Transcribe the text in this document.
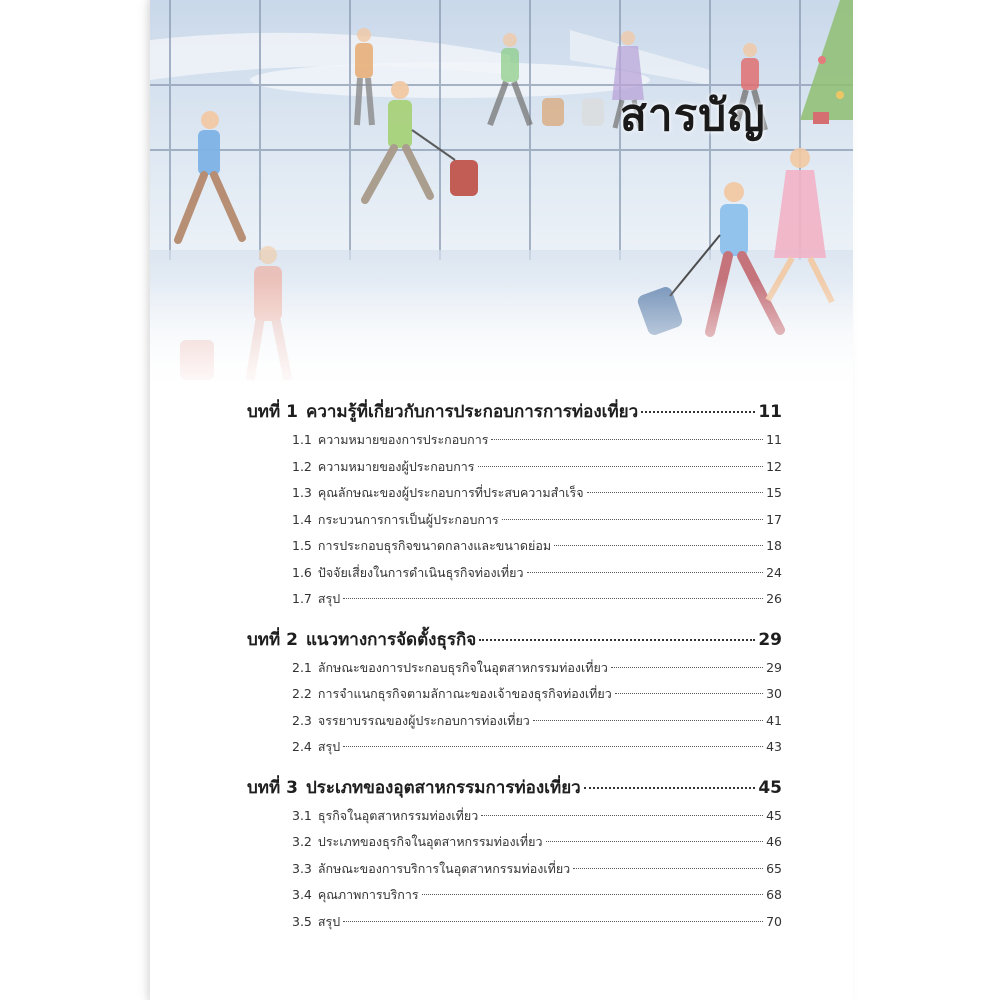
สารบัญ
บทที่ 1 ความรู้ที่เกี่ยวกับการประกอบการการท่องเที่ยว	11
1.1 ความหมายของการประกอบการ	11
1.2 ความหมายของผู้ประกอบการ	12
1.3 คุณลักษณะของผู้ประกอบการที่ประสบความสำเร็จ	15
1.4 กระบวนการการเป็นผู้ประกอบการ	17
1.5 การประกอบธุรกิจขนาดกลางและขนาดย่อม	18
1.6 ปัจจัยเสี่ยงในการดำเนินธุรกิจท่องเที่ยว	24
1.7 สรุป	26
บทที่ 2 แนวทางการจัดตั้งธุรกิจ	29
2.1 ลักษณะของการประกอบธุรกิจในอุตสาหกรรมท่องเที่ยว	29
2.2 การจำแนกธุรกิจตามลักาณะของเจ้าของธุรกิจท่องเที่ยว	30
2.3 จรรยาบรรณของผู้ประกอบการท่องเที่ยว	41
2.4 สรุป	43
บทที่ 3 ประเภทของอุตสาหกรรมการท่องเที่ยว	45
3.1 ธุรกิจในอุตสาหกรรมท่องเที่ยว	45
3.2 ประเภทของธุรกิจในอุตสาหกรรมท่องเที่ยว	46
3.3 ลักษณะของการบริการในอุตสาหกรรมท่องเที่ยว	65
3.4 คุณภาพการบริการ	68
3.5 สรุป	70
